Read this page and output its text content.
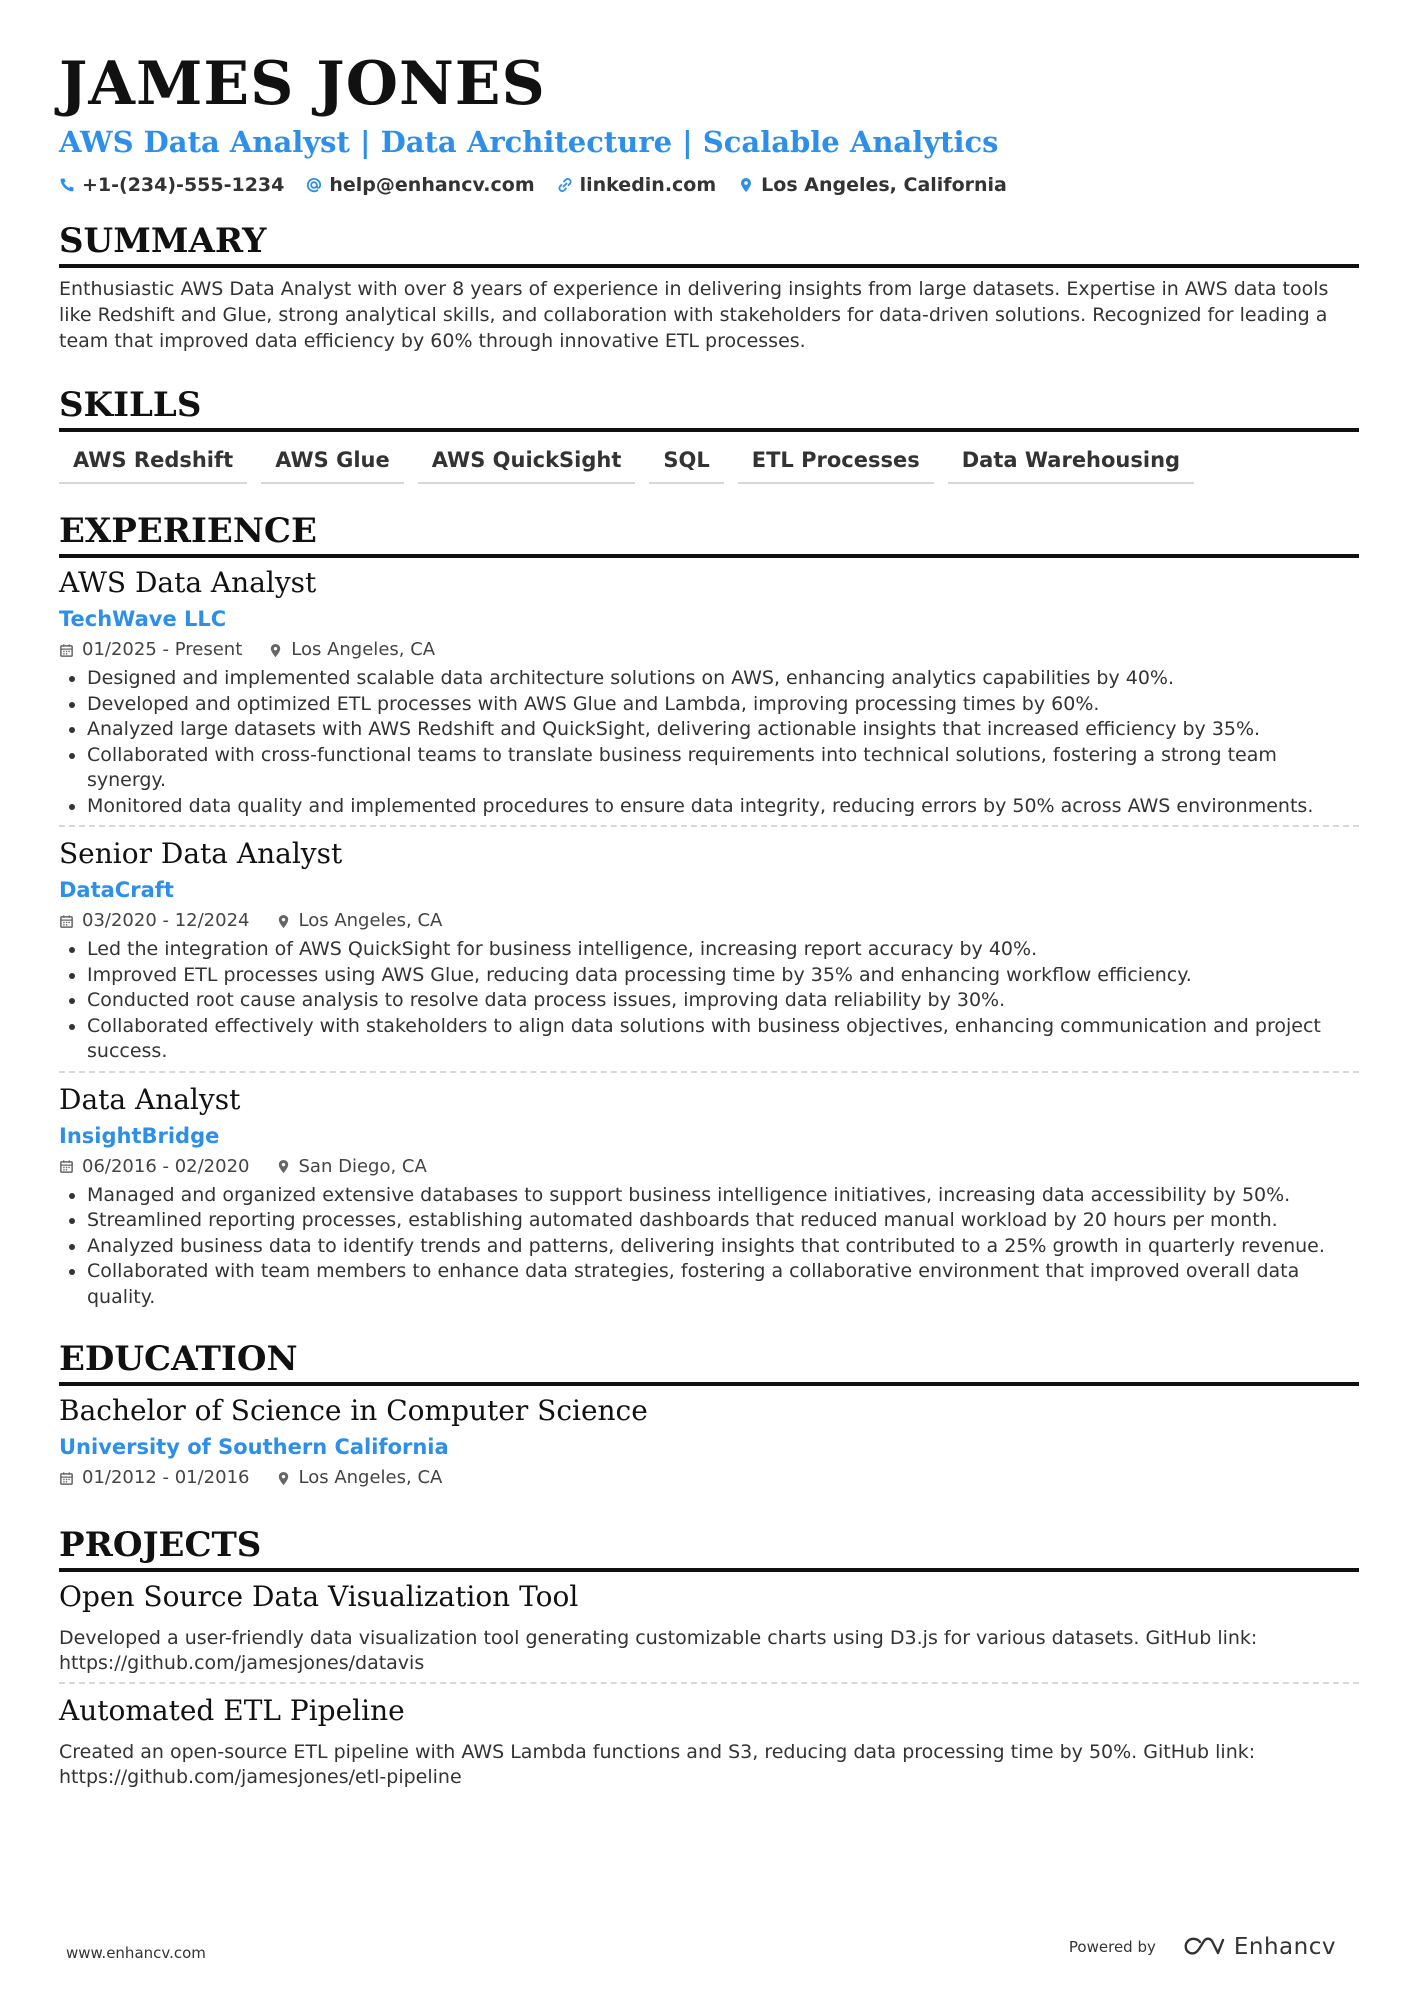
JAMES JONES
AWS Data Analyst | Data Architecture | Scalable Analytics
+1-(234)-555-1234 help@enhancv.com linkedin.com Los Angeles, California
SUMMARY
Enthusiastic AWS Data Analyst with over 8 years of experience in delivering insights from large datasets. Expertise in AWS data tools like Redshift and Glue, strong analytical skills, and collaboration with stakeholders for data-driven solutions. Recognized for leading a team that improved data efficiency by 60% through innovative ETL processes.
SKILLS
AWS Redshift	AWS Glue	AWS QuickSight	SQL	ETL Processes	Data Warehousing
EXPERIENCE
AWS Data Analyst
TechWave LLC
01/2025 - Present	Los Angeles, CA
• Designed and implemented scalable data architecture solutions on AWS, enhancing analytics capabilities by 40%.
• Developed and optimized ETL processes with AWS Glue and Lambda, improving processing times by 60%.
• Analyzed large datasets with AWS Redshift and QuickSight, delivering actionable insights that increased efficiency by 35%.
• Collaborated with cross-functional teams to translate business requirements into technical solutions, fostering a strong team synergy.
• Monitored data quality and implemented procedures to ensure data integrity, reducing errors by 50% across AWS environments.
Senior Data Analyst
DataCraft
03/2020 - 12/2024	Los Angeles, CA
• Led the integration of AWS QuickSight for business intelligence, increasing report accuracy by 40%.
• Improved ETL processes using AWS Glue, reducing data processing time by 35% and enhancing workflow efficiency.
• Conducted root cause analysis to resolve data process issues, improving data reliability by 30%.
• Collaborated effectively with stakeholders to align data solutions with business objectives, enhancing communication and project success.
Data Analyst
InsightBridge
06/2016 - 02/2020	San Diego, CA
• Managed and organized extensive databases to support business intelligence initiatives, increasing data accessibility by 50%.
• Streamlined reporting processes, establishing automated dashboards that reduced manual workload by 20 hours per month.
• Analyzed business data to identify trends and patterns, delivering insights that contributed to a 25% growth in quarterly revenue.
• Collaborated with team members to enhance data strategies, fostering a collaborative environment that improved overall data quality.
EDUCATION
Bachelor of Science in Computer Science
University of Southern California
01/2012 - 01/2016	Los Angeles, CA
PROJECTS
Open Source Data Visualization Tool
Developed a user-friendly data visualization tool generating customizable charts using D3.js for various datasets. GitHub link: https://github.com/jamesjones/datavis
Automated ETL Pipeline
Created an open-source ETL pipeline with AWS Lambda functions and S3, reducing data processing time by 50%. GitHub link: https://github.com/jamesjones/etl-pipeline
www.enhancv.com	Powered by	Enhancv
